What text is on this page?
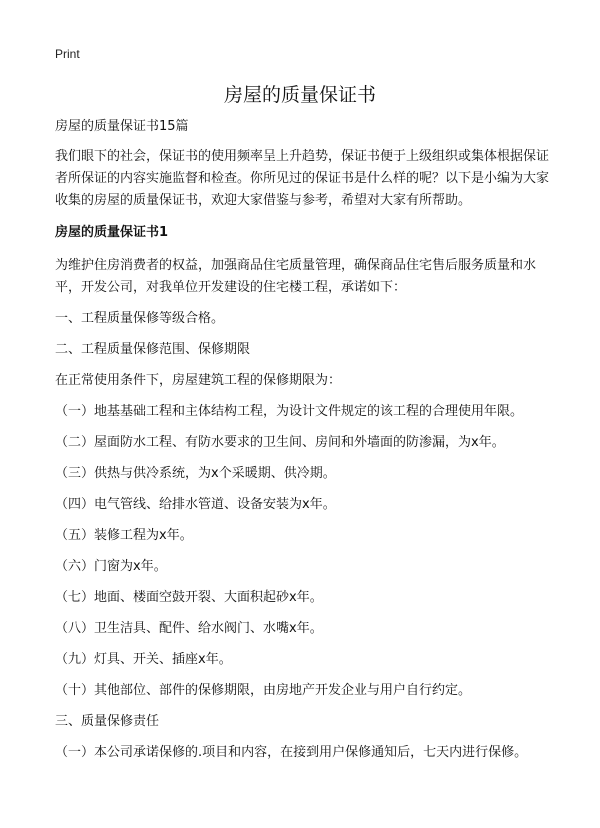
Print
房屋的质量保证书

房屋的质量保证书15篇

我们眼下的社会，保证书的使用频率呈上升趋势，保证书便于上级组织或集体根据保证者所保证的内容实施监督和检查。你所见过的保证书是什么样的呢？以下是小编为大家收集的房屋的质量保证书，欢迎大家借鉴与参考，希望对大家有所帮助。

房屋的质量保证书1

为维护住房消费者的权益，加强商品住宅质量管理，确保商品住宅售后服务质量和水平，开发公司，对我单位开发建设的住宅楼工程，承诺如下：

一、工程质量保修等级合格。

二、工程质量保修范围、保修期限

在正常使用条件下，房屋建筑工程的保修期限为：

（一）地基基础工程和主体结构工程，为设计文件规定的该工程的合理使用年限。

（二）屋面防水工程、有防水要求的卫生间、房间和外墙面的防渗漏，为x年。

（三）供热与供冷系统，为x个采暖期、供冷期。

（四）电气管线、给排水管道、设备安装为x年。

（五）装修工程为x年。

（六）门窗为x年。

（七）地面、楼面空鼓开裂、大面积起砂x年。

（八）卫生洁具、配件、给水阀门、水嘴x年。

（九）灯具、开关、插座x年。

（十）其他部位、部件的保修期限，由房地产开发企业与用户自行约定。

三、质量保修责任

（一）本公司承诺保修的.项目和内容，在接到用户保修通知后，七天内进行保修。
